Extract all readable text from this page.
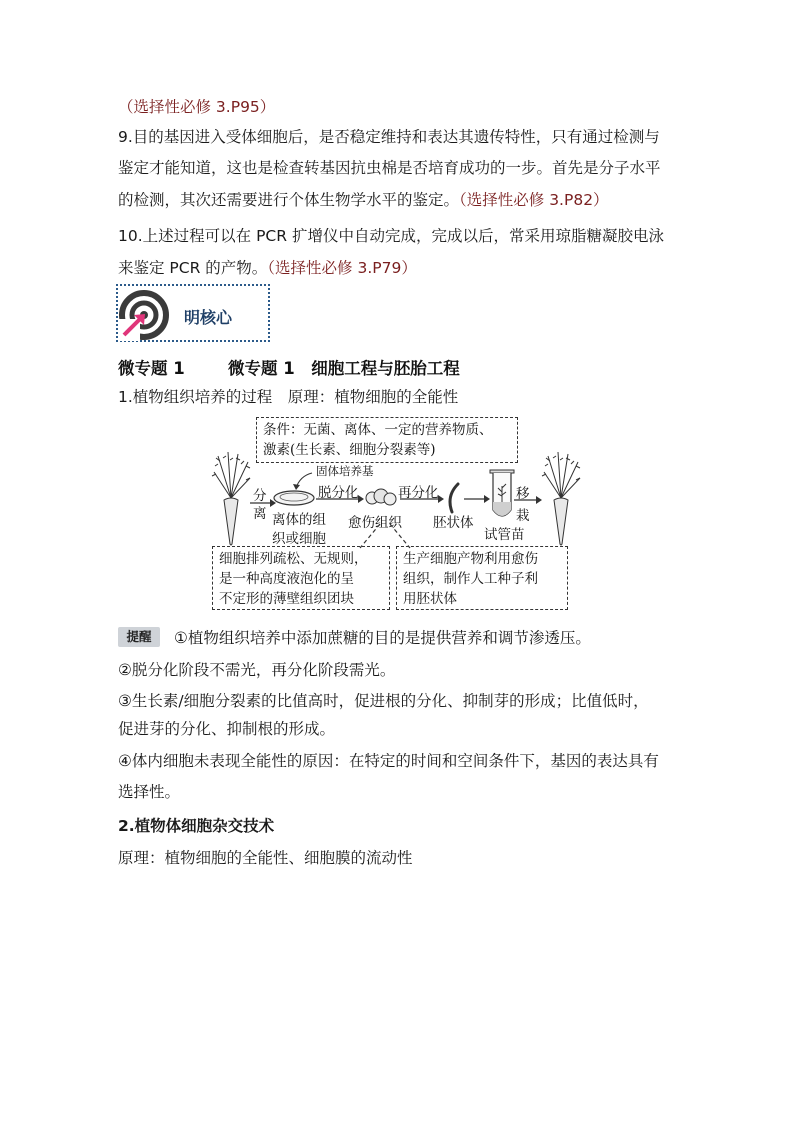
（选择性必修 3.P95）
9.目的基因进入受体细胞后，是否稳定维持和表达其遗传特性，只有通过检测与
鉴定才能知道，这也是检查转基因抗虫棉是否培育成功的一步。首先是分子水平
的检测，其次还需要进行个体生物学水平的鉴定。（选择性必修 3.P82）
10.上述过程可以在 PCR 扩增仪中自动完成，完成以后，常采用琼脂糖凝胶电泳
来鉴定 PCR 的产物。（选择性必修 3.P79）
明核心
微专题 1	微专题 1　细胞工程与胚胎工程
1.植物组织培养的过程　原理：植物细胞的全能性
条件：无菌、离体、一定的营养物质、
激素(生长素、细胞分裂素等)
分
离
固体培养基
脱分化
离体的组
织或细胞
愈伤组织
再分化
胚状体
试管苗
移
栽
细胞排列疏松、无规则，
是一种高度液泡化的呈
不定形的薄壁组织团块
生产细胞产物利用愈伤
组织，制作人工种子利
用胚状体
提醒	①植物组织培养中添加蔗糖的目的是提供营养和调节渗透压。
②脱分化阶段不需光，再分化阶段需光。
③生长素/细胞分裂素的比值高时，促进根的分化、抑制芽的形成；比值低时，
促进芽的分化、抑制根的形成。
④体内细胞未表现全能性的原因：在特定的时间和空间条件下，基因的表达具有
选择性。
2.植物体细胞杂交技术
原理：植物细胞的全能性、细胞膜的流动性
